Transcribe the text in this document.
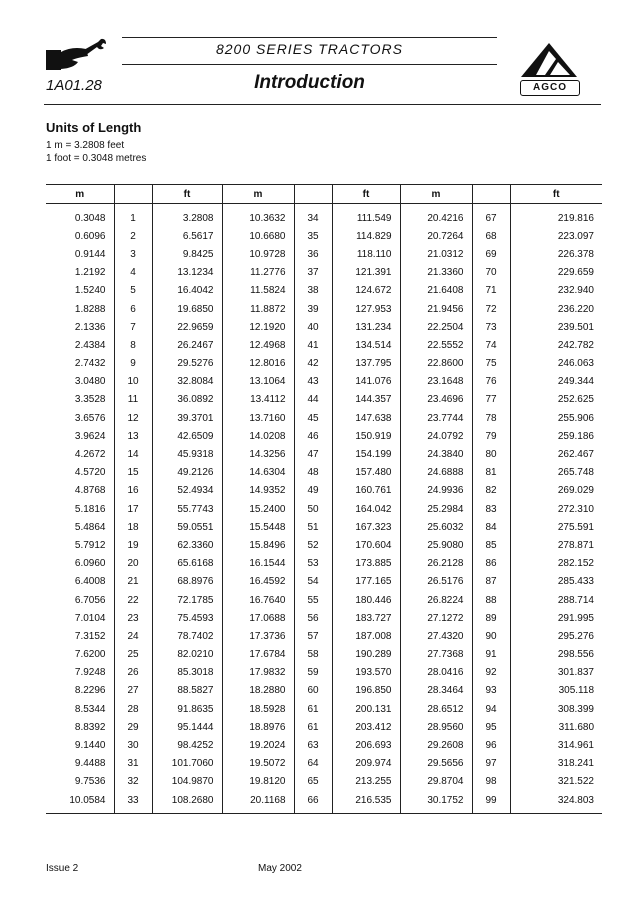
1A01.28
8200 SERIES TRACTORS
Introduction	AGCO
Units of Length
1 m = 3.2808 feet
1 foot = 0.3048 metres
m		ft	m		ft	m		ft
0.3048	1	3.2808	10.3632	34	111.549	20.4216	67	219.816
0.6096	2	6.5617	10.6680	35	114.829	20.7264	68	223.097
0.9144	3	9.8425	10.9728	36	118.110	21.0312	69	226.378
1.2192	4	13.1234	11.2776	37	121.391	21.3360	70	229.659
1.5240	5	16.4042	11.5824	38	124.672	21.6408	71	232.940
1.8288	6	19.6850	11.8872	39	127.953	21.9456	72	236.220
2.1336	7	22.9659	12.1920	40	131.234	22.2504	73	239.501
2.4384	8	26.2467	12.4968	41	134.514	22.5552	74	242.782
2.7432	9	29.5276	12.8016	42	137.795	22.8600	75	246.063
3.0480	10	32.8084	13.1064	43	141.076	23.1648	76	249.344
3.3528	11	36.0892	13.4112	44	144.357	23.4696	77	252.625
3.6576	12	39.3701	13.7160	45	147.638	23.7744	78	255.906
3.9624	13	42.6509	14.0208	46	150.919	24.0792	79	259.186
4.2672	14	45.9318	14.3256	47	154.199	24.3840	80	262.467
4.5720	15	49.2126	14.6304	48	157.480	24.6888	81	265.748
4.8768	16	52.4934	14.9352	49	160.761	24.9936	82	269.029
5.1816	17	55.7743	15.2400	50	164.042	25.2984	83	272.310
5.4864	18	59.0551	15.5448	51	167.323	25.6032	84	275.591
5.7912	19	62.3360	15.8496	52	170.604	25.9080	85	278.871
6.0960	20	65.6168	16.1544	53	173.885	26.2128	86	282.152
6.4008	21	68.8976	16.4592	54	177.165	26.5176	87	285.433
6.7056	22	72.1785	16.7640	55	180.446	26.8224	88	288.714
7.0104	23	75.4593	17.0688	56	183.727	27.1272	89	291.995
7.3152	24	78.7402	17.3736	57	187.008	27.4320	90	295.276
7.6200	25	82.0210	17.6784	58	190.289	27.7368	91	298.556
7.9248	26	85.3018	17.9832	59	193.570	28.0416	92	301.837
8.2296	27	88.5827	18.2880	60	196.850	28.3464	93	305.118
8.5344	28	91.8635	18.5928	61	200.131	28.6512	94	308.399
8.8392	29	95.1444	18.8976	61	203.412	28.9560	95	311.680
9.1440	30	98.4252	19.2024	63	206.693	29.2608	96	314.961
9.4488	31	101.7060	19.5072	64	209.974	29.5656	97	318.241
9.7536	32	104.9870	19.8120	65	213.255	29.8704	98	321.522
10.0584	33	108.2680	20.1168	66	216.535	30.1752	99	324.803
Issue 2	May 2002
